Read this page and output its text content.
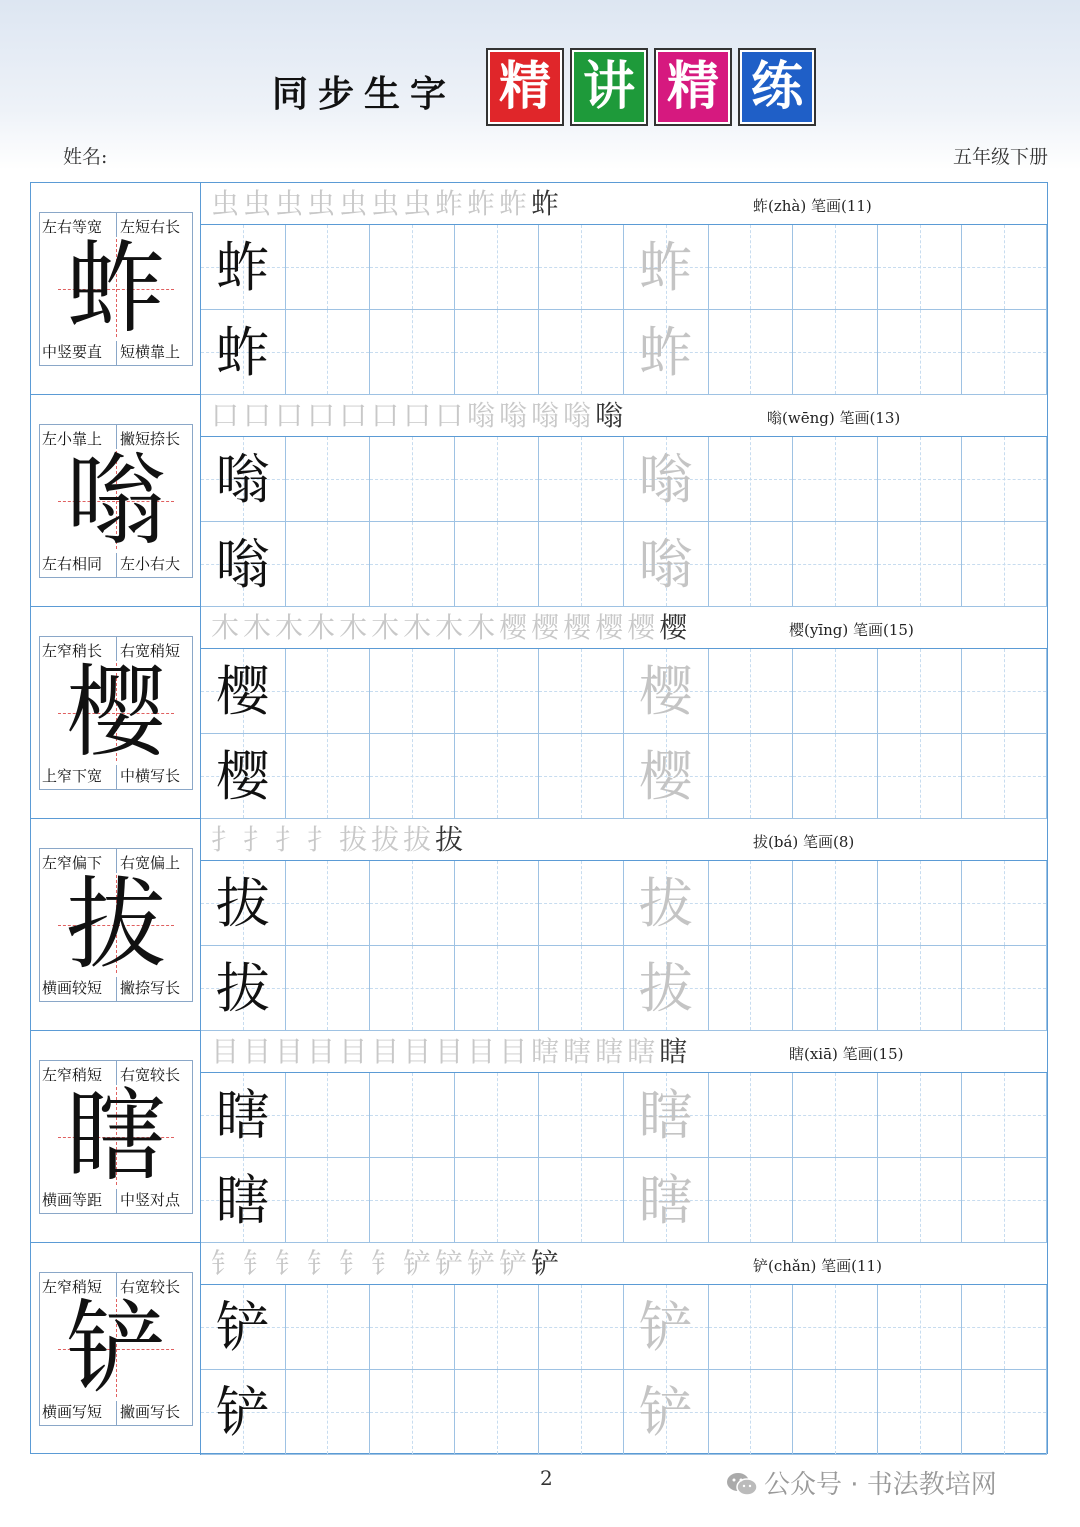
同步生字 精 讲 精 练
姓名:	五年级下册
左右等宽 左短右长
中竖要直 短横靠上
蚱
虫虫虫虫虫虫虫蚱蚱蚱蚱	蚱(zhà) 笔画(11)
蚱	蚱
蚱	蚱
左小靠上 撇短捺长
左右相同 左小右大
嗡
口口口口口口口口嗡嗡嗡嗡嗡	嗡(wēng) 笔画(13)
嗡	嗡
嗡	嗡
左窄稍长 右宽稍短
上窄下宽 中横写长
樱
木木木木木木木木木樱樱樱樱樱樱	樱(yīng) 笔画(15)
樱	樱
樱	樱
左窄偏下 右宽偏上
横画较短 撇捺写长
拔
扌扌扌扌拔拔拔拔	拔(bá) 笔画(8)
拔	拔
拔	拔
左窄稍短 右宽较长
横画等距 中竖对点
瞎
目目目目目目目目目目瞎瞎瞎瞎瞎	瞎(xiā) 笔画(15)
瞎	瞎
瞎	瞎
左窄稍短 右宽较长
横画写短 撇画写长
铲
钅钅钅钅钅钅铲铲铲铲铲	铲(chǎn) 笔画(11)
铲	铲
铲	铲
2	公众号 · 书法教培网
